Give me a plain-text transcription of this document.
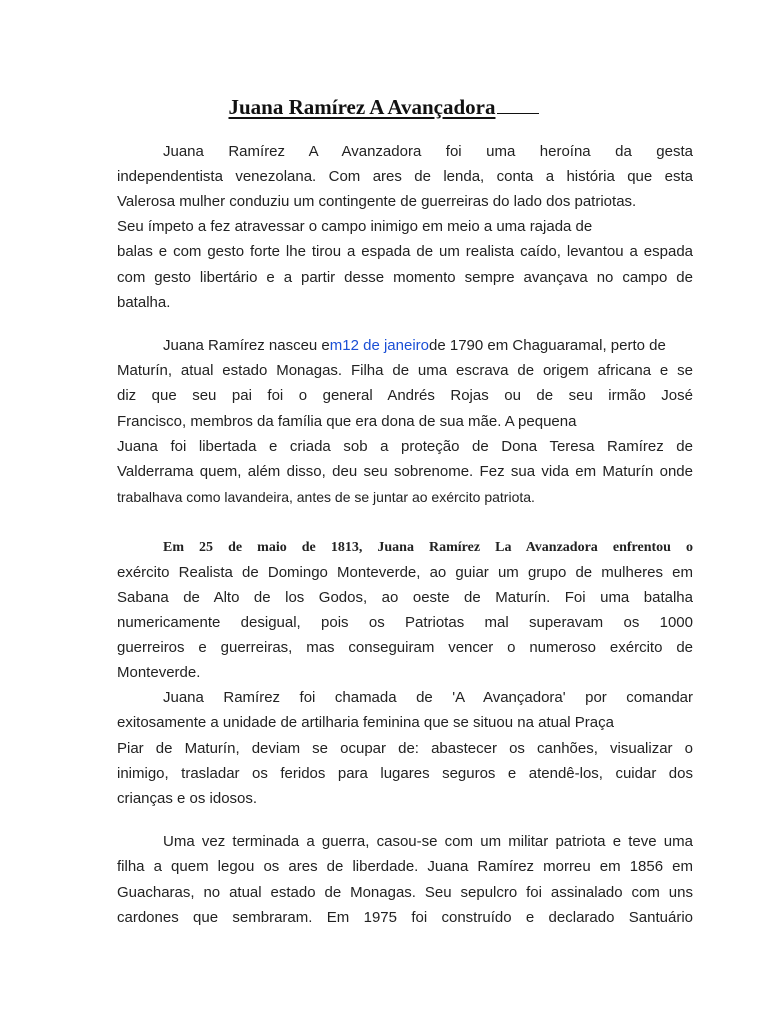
Juana Ramírez A Avançadora
Juana Ramírez A Avanzadora foi uma heroína da gesta
independentista venezolana. Com ares de lenda, conta a história que esta
Valerosa mulher conduziu um contingente de guerreiras do lado dos patriotas.
Seu ímpeto a fez atravessar o campo inimigo em meio a uma rajada de
balas e com gesto forte lhe tirou a espada de um realista caído, levantou a espada
com gesto libertário e a partir desse momento sempre avançava no campo de
batalha.
Juana Ramírez nasceu em12 de janeirode 1790 em Chaguaramal, perto de
Maturín, atual estado Monagas. Filha de uma escrava de origem africana e se
diz que seu pai foi o general Andrés Rojas ou de seu irmão José
Francisco, membros da família que era dona de sua mãe. A pequena
Juana foi libertada e criada sob a proteção de Dona Teresa Ramírez de
Valderrama quem, além disso, deu seu sobrenome. Fez sua vida em Maturín onde
trabalhava como lavandeira, antes de se juntar ao exército patriota.
Em 25 de maio de 1813, Juana Ramírez La Avanzadora enfrentou o
exército Realista de Domingo Monteverde, ao guiar um grupo de mulheres em
Sabana de Alto de los Godos, ao oeste de Maturín. Foi uma batalha
numericamente desigual, pois os Patriotas mal superavam os 1000
guerreiros e guerreiras, mas conseguiram vencer o numeroso exército de
Monteverde.
Juana Ramírez foi chamada de 'A Avançadora' por comandar
exitosamente a unidade de artilharia feminina que se situou na atual Praça
Piar de Maturín, deviam se ocupar de: abastecer os canhões, visualizar o
inimigo, trasladar os feridos para lugares seguros e atendê-los, cuidar dos
crianças e os idosos.
Uma vez terminada a guerra, casou-se com um militar patriota e teve uma
filha a quem legou os ares de liberdade. Juana Ramírez morreu em 1856 em
Guacharas, no atual estado de Monagas. Seu sepulcro foi assinalado com uns
cardones que sembraram. Em 1975 foi construído e declarado Santuário
